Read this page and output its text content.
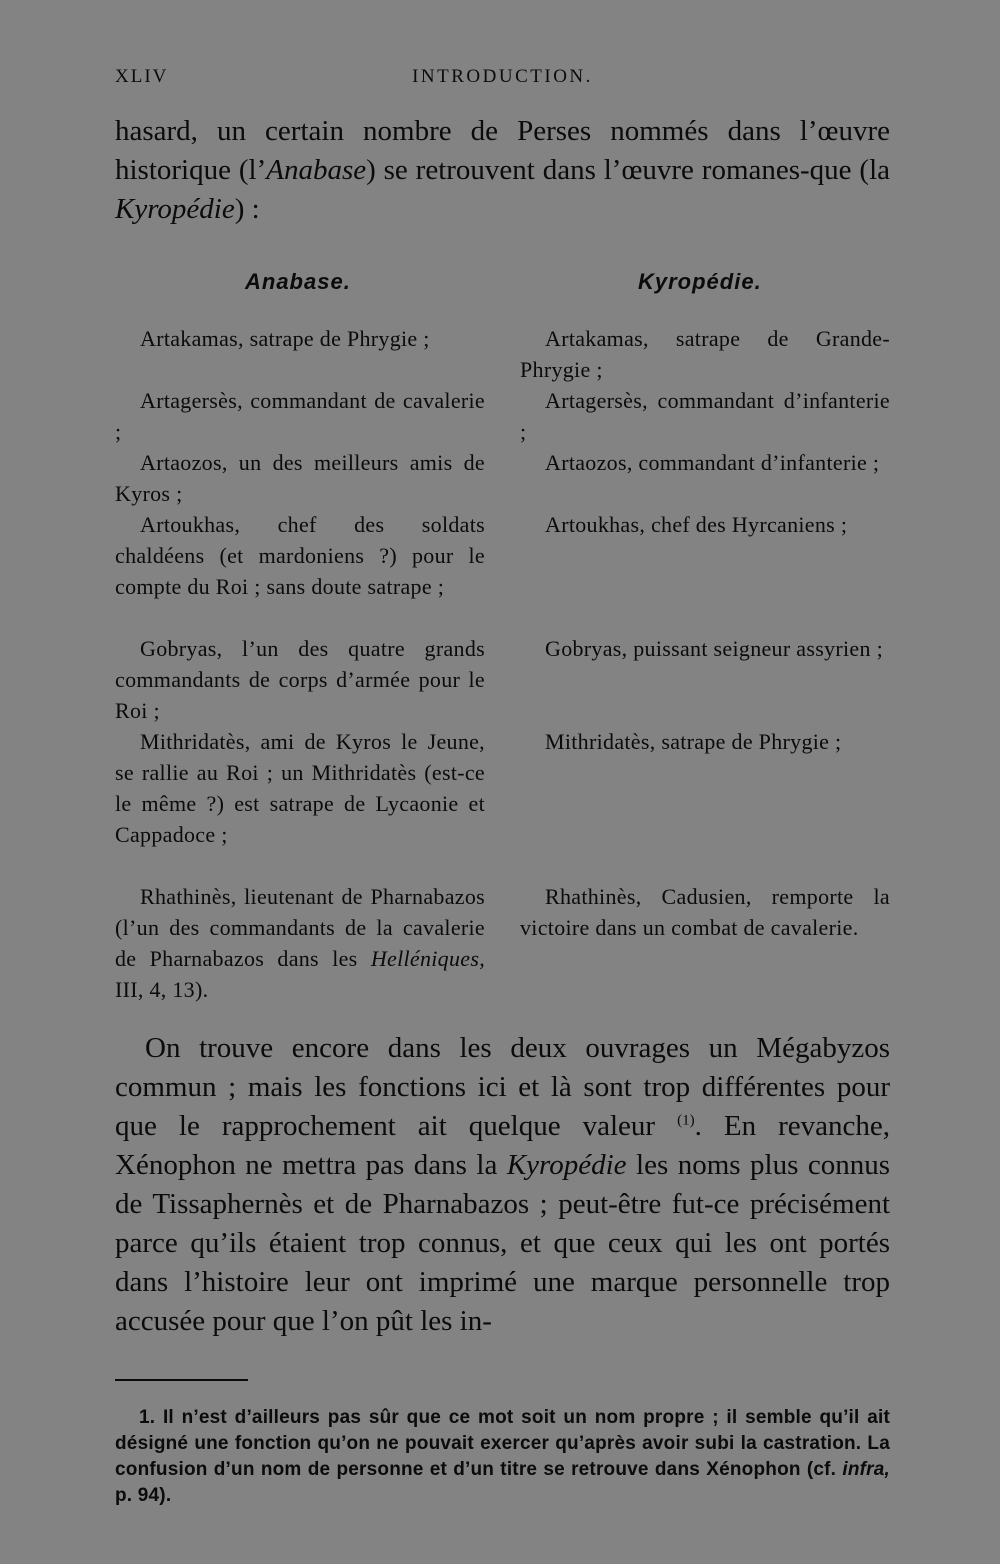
XLIV	INTRODUCTION.

hasard, un certain nombre de Perses nommés dans l’œuvre historique (l’Anabase) se retrouvent dans l’œuvre romanes-que (la Kyropédie) :

Anabase.	Kyropédie.
Artakamas, satrape de Phrygie ;
Artagersès, commandant de cavalerie ;
Artaozos, un des meilleurs amis de Kyros ;
Artoukhas, chef des soldats chaldéens (et mardoniens ?) pour le compte du Roi ; sans doute satrape ;
Gobryas, l’un des quatre grands commandants de corps d’armée pour le Roi ;
Mithridatès, ami de Kyros le Jeune, se rallie au Roi ; un Mithridatès (est-ce le même ?) est satrape de Lycaonie et Cappadoce ;
Rhathinès, lieutenant de Pharnabazos (l’un des commandants de la cavalerie de Pharnabazos dans les Helléniques, III, 4, 13).
Artakamas, satrape de Grande-Phrygie ;
Artagersès, commandant d’infanterie ;
Artaozos, commandant d’infanterie ;
Artoukhas, chef des Hyrcaniens ;
Gobryas, puissant seigneur assyrien ;
Mithridatès, satrape de Phrygie ;
Rhathinès, Cadusien, remporte la victoire dans un combat de cavalerie.

On trouve encore dans les deux ouvrages un Mégabyzos commun ; mais les fonctions ici et là sont trop différentes pour que le rapprochement ait quelque valeur $^{(1)}$. En revanche, Xénophon ne mettra pas dans la Kyropédie les noms plus connus de Tissaphernès et de Pharnabazos ; peut-être fut-ce précisément parce qu’ils étaient trop connus, et que ceux qui les ont portés dans l’histoire leur ont imprimé une marque personnelle trop accusée pour que l’on pût les in-

1. Il n’est d’ailleurs pas sûr que ce mot soit un nom propre ; il semble qu’il ait désigné une fonction qu’on ne pouvait exercer qu’après avoir subi la castration. La confusion d’un nom de personne et d’un titre se retrouve dans Xénophon (cf. infra, p. 94).
